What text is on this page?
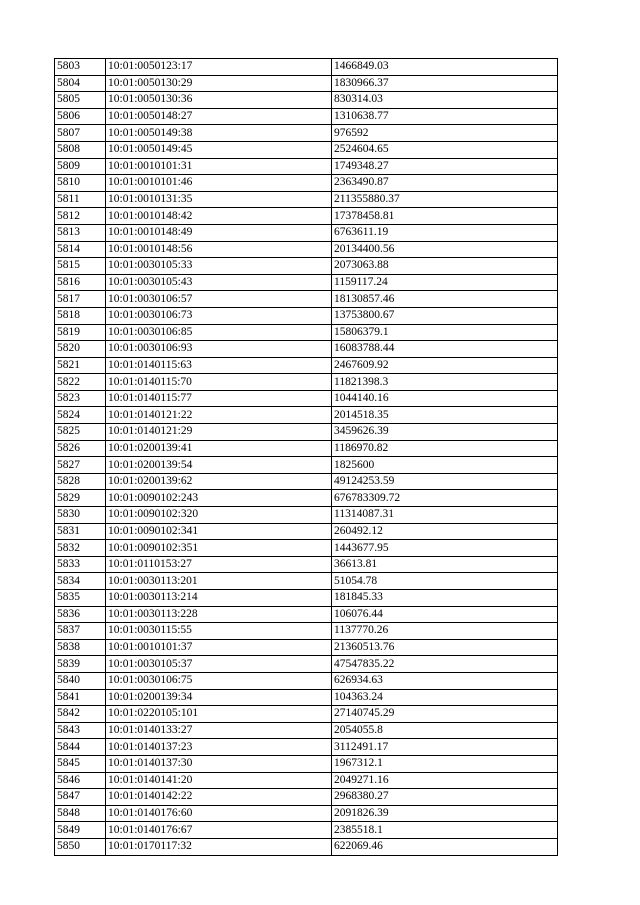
5803	10:01:0050123:17	1466849.03
5804	10:01:0050130:29	1830966.37
5805	10:01:0050130:36	830314.03
5806	10:01:0050148:27	1310638.77
5807	10:01:0050149:38	976592
5808	10:01:0050149:45	2524604.65
5809	10:01:0010101:31	1749348.27
5810	10:01:0010101:46	2363490.87
5811	10:01:0010131:35	211355880.37
5812	10:01:0010148:42	17378458.81
5813	10:01:0010148:49	6763611.19
5814	10:01:0010148:56	20134400.56
5815	10:01:0030105:33	2073063.88
5816	10:01:0030105:43	1159117.24
5817	10:01:0030106:57	18130857.46
5818	10:01:0030106:73	13753800.67
5819	10:01:0030106:85	15806379.1
5820	10:01:0030106:93	16083788.44
5821	10:01:0140115:63	2467609.92
5822	10:01:0140115:70	11821398.3
5823	10:01:0140115:77	1044140.16
5824	10:01:0140121:22	2014518.35
5825	10:01:0140121:29	3459626.39
5826	10:01:0200139:41	1186970.82
5827	10:01:0200139:54	1825600
5828	10:01:0200139:62	49124253.59
5829	10:01:0090102:243	676783309.72
5830	10:01:0090102:320	11314087.31
5831	10:01:0090102:341	260492.12
5832	10:01:0090102:351	1443677.95
5833	10:01:0110153:27	36613.81
5834	10:01:0030113:201	51054.78
5835	10:01:0030113:214	181845.33
5836	10:01:0030113:228	106076.44
5837	10:01:0030115:55	1137770.26
5838	10:01:0010101:37	21360513.76
5839	10:01:0030105:37	47547835.22
5840	10:01:0030106:75	626934.63
5841	10:01:0200139:34	104363.24
5842	10:01:0220105:101	27140745.29
5843	10:01:0140133:27	2054055.8
5844	10:01:0140137:23	3112491.17
5845	10:01:0140137:30	1967312.1
5846	10:01:0140141:20	2049271.16
5847	10:01:0140142:22	2968380.27
5848	10:01:0140176:60	2091826.39
5849	10:01:0140176:67	2385518.1
5850	10:01:0170117:32	622069.46
